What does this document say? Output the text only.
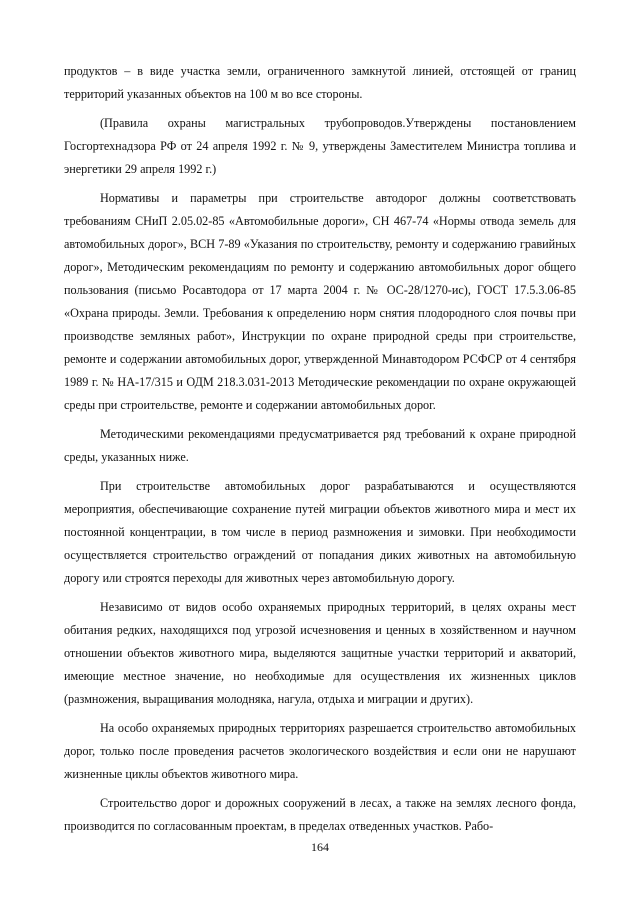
продуктов – в виде участка земли, ограниченного замкнутой линией, отстоящей от границ территорий указанных объектов на 100 м во все стороны.

(Правила охраны магистральных трубопроводов.Утверждены постановлением Госгортехнадзора РФ от 24 апреля 1992 г. № 9, утверждены Заместителем Министра топлива и энергетики 29 апреля 1992 г.)

Нормативы и параметры при строительстве автодорог должны соответствовать требованиям СНиП 2.05.02-85 «Автомобильные дороги», СН 467-74 «Нормы отвода земель для автомобильных дорог», ВСН 7-89 «Указания по строительству, ремонту и содержанию гравийных дорог», Методическим рекомендациям по ремонту и содержанию автомобильных дорог общего пользования (письмо Росавтодора от 17 марта 2004 г. № ОС-28/1270-ис), ГОСТ 17.5.3.06-85 «Охрана природы. Земли. Требования к определению норм снятия плодородного слоя почвы при производстве земляных работ», Инструкции по охране природной среды при строительстве, ремонте и содержании автомобильных дорог, утвержденной Минавтодором РСФСР от 4 сентября 1989 г. № НА-17/315 и ОДМ 218.3.031-2013 Методические рекомендации по охране окружающей среды при строительстве, ремонте и содержании автомобильных дорог.

Методическими рекомендациями предусматривается ряд требований к охране природной среды, указанных ниже.

При строительстве автомобильных дорог разрабатываются и осуществляются мероприятия, обеспечивающие сохранение путей миграции объектов животного мира и мест их постоянной концентрации, в том числе в период размножения и зимовки. При необходимости осуществляется строительство ограждений от попадания диких животных на автомобильную дорогу или строятся переходы для животных через автомобильную дорогу.

Независимо от видов особо охраняемых природных территорий, в целях охраны мест обитания редких, находящихся под угрозой исчезновения и ценных в хозяйственном и научном отношении объектов животного мира, выделяются защитные участки территорий и акваторий, имеющие местное значение, но необходимые для осуществления их жизненных циклов (размножения, выращивания молодняка, нагула, отдыха и миграции и других).

На особо охраняемых природных территориях разрешается строительство автомобильных дорог, только после проведения расчетов экологического воздействия и если они не нарушают жизненные циклы объектов животного мира.

Строительство дорог и дорожных сооружений в лесах, а также на землях лесного фонда, производится по согласованным проектам, в пределах отведенных участков. Рабо-

164
